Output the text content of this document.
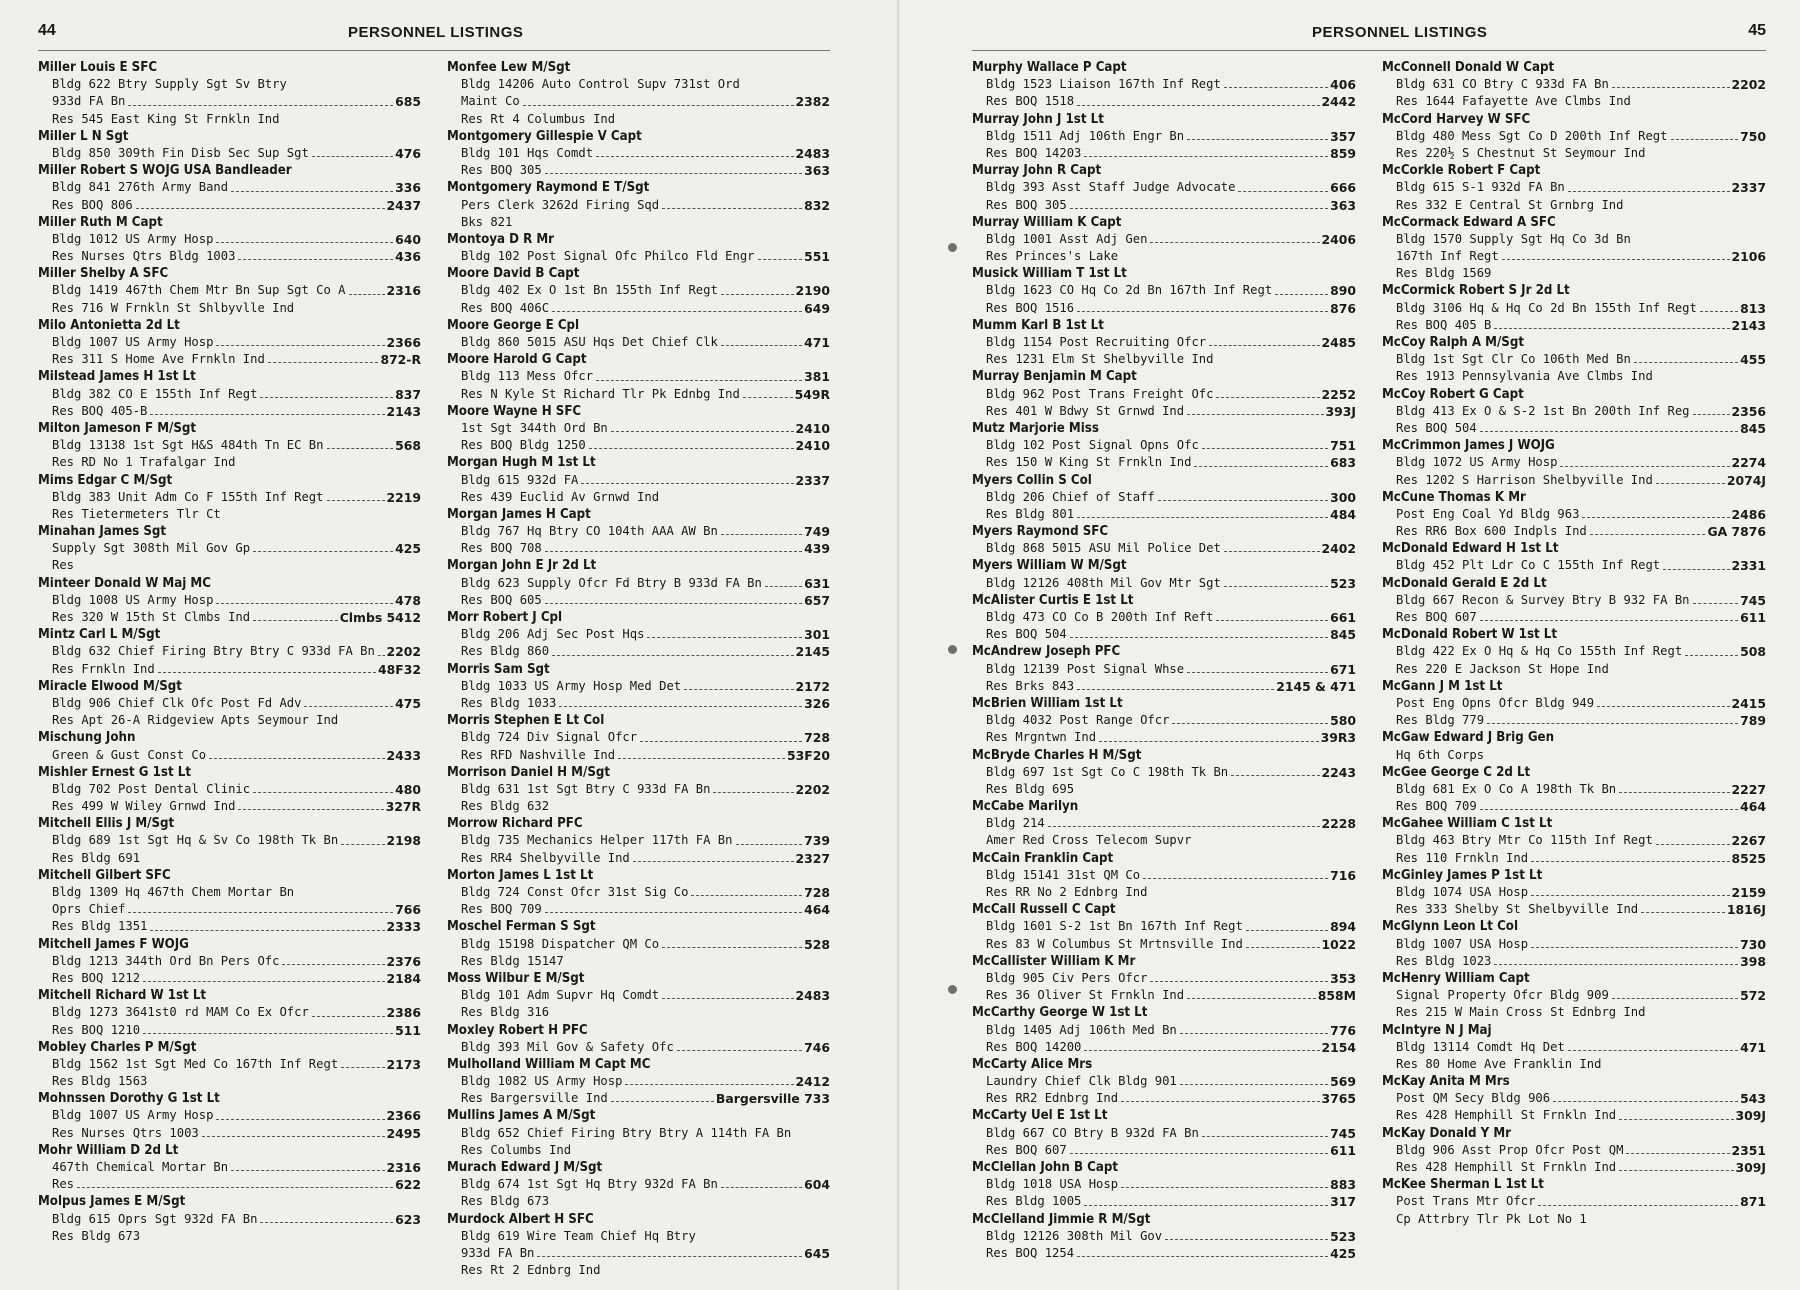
44	PERSONNEL LISTINGS
Miller Louis E SFC
Bldg 622 Btry Supply Sgt Sv Btry
933d FA Bn	685
Res 545 East King St Frnkln Ind
Miller L N Sgt
Bldg 850 309th Fin Disb Sec Sup Sgt	476
Miller Robert S WOJG USA Bandleader
Bldg 841 276th Army Band	336
Res BOQ 806	2437
Miller Ruth M Capt
Bldg 1012 US Army Hosp	640
Res Nurses Qtrs Bldg 1003	436
Miller Shelby A SFC
Bldg 1419 467th Chem Mtr Bn Sup Sgt Co A	2316
Res 716 W Frnkln St Shlbyvlle Ind
Milo Antonietta 2d Lt
Bldg 1007 US Army Hosp	2366
Res 311 S Home Ave Frnkln Ind	872-R
Milstead James H 1st Lt
Bldg 382 CO E 155th Inf Regt	837
Res BOQ 405-B	2143
Milton Jameson F M/Sgt
Bldg 13138 1st Sgt H&S 484th Tn EC Bn	568
Res RD No 1 Trafalgar Ind
Mims Edgar C M/Sgt
Bldg 383 Unit Adm Co F 155th Inf Regt	2219
Res Tietermeters Tlr Ct
Minahan James Sgt
Supply Sgt 308th Mil Gov Gp	425
Res
Minteer Donald W Maj MC
Bldg 1008 US Army Hosp	478
Res 320 W 15th St Clmbs Ind	Clmbs 5412
Mintz Carl L M/Sgt
Bldg 632 Chief Firing Btry Btry C 933d FA Bn 2202
Res Frnkln Ind	48F32
Miracle Elwood M/Sgt
Bldg 906 Chief Clk Ofc Post Fd Adv	475
Res Apt 26-A Ridgeview Apts Seymour Ind
Mischung John
Green & Gust Const Co	2433
Mishler Ernest G 1st Lt
Bldg 702 Post Dental Clinic	480
Res 499 W Wiley Grnwd Ind	327R
Mitchell Ellis J M/Sgt
Bldg 689 1st Sgt Hq & Sv Co 198th Tk Bn	2198
Res Bldg 691
Mitchell Gilbert SFC
Bldg 1309 Hq 467th Chem Mortar Bn
Oprs Chief	766
Res Bldg 1351	2333
Mitchell James F WOJG
Bldg 1213 344th Ord Bn Pers Ofc	2376
Res BOQ 1212	2184
Mitchell Richard W 1st Lt
Bldg 1273 3641st0 rd MAM Co Ex Ofcr	2386
Res BOQ 1210	511
Mobley Charles P M/Sgt
Bldg 1562 1st Sgt Med Co 167th Inf Regt	2173
Res Bldg 1563
Mohnssen Dorothy G 1st Lt
Bldg 1007 US Army Hosp	2366
Res Nurses Qtrs 1003	2495
Mohr William D 2d Lt
467th Chemical Mortar Bn	2316
Res	622
Molpus James E M/Sgt
Bldg 615 Oprs Sgt 932d FA Bn	623
Res Bldg 673
Monfee Lew M/Sgt
Bldg 14206 Auto Control Supv 731st Ord
Maint Co	2382
Res Rt 4 Columbus Ind
Montgomery Gillespie V Capt
Bldg 101 Hqs Comdt	2483
Res BOQ 305	363
Montgomery Raymond E T/Sgt
Pers Clerk 3262d Firing Sqd	832
Bks 821
Montoya D R Mr
Bldg 102 Post Signal Ofc Philco Fld Engr	551
Moore David B Capt
Bldg 402 Ex O 1st Bn 155th Inf Regt	2190
Res BOQ 406C	649
Moore George E Cpl
Bldg 860 5015 ASU Hqs Det Chief Clk	471
Moore Harold G Capt
Bldg 113 Mess Ofcr	381
Res N Kyle St Richard Tlr Pk Ednbg Ind	549R
Moore Wayne H SFC
1st Sgt 344th Ord Bn	2410
Res BOQ Bldg 1250	2410
Morgan Hugh M 1st Lt
Bldg 615 932d FA	2337
Res 439 Euclid Av Grnwd Ind
Morgan James H Capt
Bldg 767 Hq Btry CO 104th AAA AW Bn	749
Res BOQ 708	439
Morgan John E Jr 2d Lt
Bldg 623 Supply Ofcr Fd Btry B 933d FA Bn	631
Res BOQ 605	657
Morr Robert J Cpl
Bldg 206 Adj Sec Post Hqs	301
Res Bldg 860	2145
Morris Sam Sgt
Bldg 1033 US Army Hosp Med Det	2172
Res Bldg 1033	326
Morris Stephen E Lt Col
Bldg 724 Div Signal Ofcr	728
Res RFD Nashville Ind	53F20
Morrison Daniel H M/Sgt
Bldg 631 1st Sgt Btry C 933d FA Bn	2202
Res Bldg 632
Morrow Richard PFC
Bldg 735 Mechanics Helper 117th FA Bn	739
Res RR4 Shelbyville Ind	2327
Morton James L 1st Lt
Bldg 724 Const Ofcr 31st Sig Co	728
Res BOQ 709	464
Moschel Ferman S Sgt
Bldg 15198 Dispatcher QM Co	528
Res Bldg 15147
Moss Wilbur E M/Sgt
Bldg 101 Adm Supvr Hq Comdt	2483
Res Bldg 316
Moxley Robert H PFC
Bldg 393 Mil Gov & Safety Ofc	746
Mulholland William M Capt MC
Bldg 1082 US Army Hosp	2412
Res Bargersville Ind	Bargersville 733
Mullins James A M/Sgt
Bldg 652 Chief Firing Btry Btry A 114th FA Bn
Res Columbs Ind
Murach Edward J M/Sgt
Bldg 674 1st Sgt Hq Btry 932d FA Bn	604
Res Bldg 673
Murdock Albert H SFC
Bldg 619 Wire Team Chief Hq Btry
933d FA Bn	645
Res Rt 2 Ednbrg Ind
PERSONNEL LISTINGS	45
Murphy Wallace P Capt
Bldg 1523 Liaison 167th Inf Regt	406
Res BOQ 1518	2442
Murray John J 1st Lt
Bldg 1511 Adj 106th Engr Bn	357
Res BOQ 14203	859
Murray John R Capt
Bldg 393 Asst Staff Judge Advocate	666
Res BOQ 305	363
Murray William K Capt
Bldg 1001 Asst Adj Gen	2406
Res Princes's Lake
Musick William T 1st Lt
Bldg 1623 CO Hq Co 2d Bn 167th Inf Regt	890
Res BOQ 1516	876
Mumm Karl B 1st Lt
Bldg 1154 Post Recruiting Ofcr	2485
Res 1231 Elm St Shelbyville Ind
Murray Benjamin M Capt
Bldg 962 Post Trans Freight Ofc	2252
Res 401 W Bdwy St Grnwd Ind	393J
Mutz Marjorie Miss
Bldg 102 Post Signal Opns Ofc	751
Res 150 W King St Frnkln Ind	683
Myers Collin S Col
Bldg 206 Chief of Staff	300
Res Bldg 801	484
Myers Raymond SFC
Bldg 868 5015 ASU Mil Police Det	2402
Myers William W M/Sgt
Bldg 12126 408th Mil Gov Mtr Sgt	523
McAlister Curtis E 1st Lt
Bldg 473 CO Co B 200th Inf Reft	661
Res BOQ 504	845
McAndrew Joseph PFC
Bldg 12139 Post Signal Whse	671
Res Brks 843	2145 & 471
McBrien William 1st Lt
Bldg 4032 Post Range Ofcr	580
Res Mrgntwn Ind	39R3
McBryde Charles H M/Sgt
Bldg 697 1st Sgt Co C 198th Tk Bn	2243
Res Bldg 695
McCabe Marilyn
Bldg 214	2228
Amer Red Cross Telecom Supvr
McCain Franklin Capt
Bldg 15141 31st QM Co	716
Res RR No 2 Ednbrg Ind
McCall Russell C Capt
Bldg 1601 S-2 1st Bn 167th Inf Regt	894
Res 83 W Columbus St Mrtnsville Ind	1022
McCallister William K Mr
Bldg 905 Civ Pers Ofcr	353
Res 36 Oliver St Frnkln Ind	858M
McCarthy George W 1st Lt
Bldg 1405 Adj 106th Med Bn	776
Res BOQ 14200	2154
McCarty Alice Mrs
Laundry Chief Clk Bldg 901	569
Res RR2 Ednbrg Ind	3765
McCarty Uel E 1st Lt
Bldg 667 CO Btry B 932d FA Bn	745
Res BOQ 607	611
McClellan John B Capt
Bldg 1018 USA Hosp	883
Res Bldg 1005	317
McClelland Jimmie R M/Sgt
Bldg 12126 308th Mil Gov	523
Res BOQ 1254	425
McConnell Donald W Capt
Bldg 631 CO Btry C 933d FA Bn	2202
Res 1644 Fafayette Ave Clmbs Ind
McCord Harvey W SFC
Bldg 480 Mess Sgt Co D 200th Inf Regt	750
Res 220½ S Chestnut St Seymour Ind
McCorkle Robert F Capt
Bldg 615 S-1 932d FA Bn	2337
Res 332 E Central St Grnbrg Ind
McCormack Edward A SFC
Bldg 1570 Supply Sgt Hq Co 3d Bn
167th Inf Regt	2106
Res Bldg 1569
McCormick Robert S Jr 2d Lt
Bldg 3106 Hq & Hq Co 2d Bn 155th Inf Regt	813
Res BOQ 405 B	2143
McCoy Ralph A M/Sgt
Bldg 1st Sgt Clr Co 106th Med Bn	455
Res 1913 Pennsylvania Ave Clmbs Ind
McCoy Robert G Capt
Bldg 413 Ex O & S-2 1st Bn 200th Inf Reg	2356
Res BOQ 504	845
McCrimmon James J WOJG
Bldg 1072 US Army Hosp	2274
Res 1202 S Harrison Shelbyville Ind	2074J
McCune Thomas K Mr
Post Eng Coal Yd Bldg 963	2486
Res RR6 Box 600 Indpls Ind	GA 7876
McDonald Edward H 1st Lt
Bldg 452 Plt Ldr Co C 155th Inf Regt	2331
McDonald Gerald E 2d Lt
Bldg 667 Recon & Survey Btry B 932 FA Bn	745
Res BOQ 607	611
McDonald Robert W 1st Lt
Bldg 422 Ex O Hq & Hq Co 155th Inf Regt	508
Res 220 E Jackson St Hope Ind
McGann J M 1st Lt
Post Eng Opns Ofcr Bldg 949	2415
Res Bldg 779	789
McGaw Edward J Brig Gen
Hq 6th Corps
McGee George C 2d Lt
Bldg 681 Ex O Co A 198th Tk Bn	2227
Res BOQ 709	464
McGahee William C 1st Lt
Bldg 463 Btry Mtr Co 115th Inf Regt	2267
Res 110 Frnkln Ind	8525
McGinley James P 1st Lt
Bldg 1074 USA Hosp	2159
Res 333 Shelby St Shelbyville Ind	1816J
McGlynn Leon Lt Col
Bldg 1007 USA Hosp	730
Res Bldg 1023	398
McHenry William Capt
Signal Property Ofcr Bldg 909	572
Res 215 W Main Cross St Ednbrg Ind
McIntyre N J Maj
Bldg 13114 Comdt Hq Det	471
Res 80 Home Ave Franklin Ind
McKay Anita M Mrs
Post QM Secy Bldg 906	543
Res 428 Hemphill St Frnkln Ind	309J
McKay Donald Y Mr
Bldg 906 Asst Prop Ofcr Post QM	2351
Res 428 Hemphill St Frnkln Ind	309J
McKee Sherman L 1st Lt
Post Trans Mtr Ofcr	871
Cp Attrbry Tlr Pk Lot No 1
